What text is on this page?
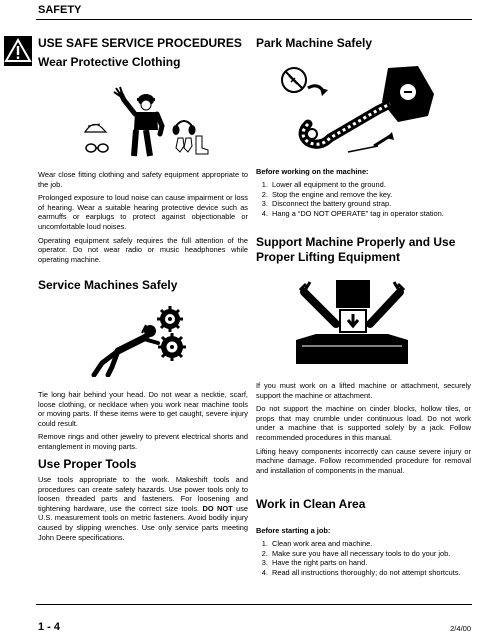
SAFETY
USE SAFE SERVICE PROCEDURES
Wear Protective Clothing

Wear close fitting clothing and safety equipment appropriate to the job.

Prolonged exposure to loud noise can cause impairment or loss of hearing. Wear a suitable hearing protective device such as earmuffs or earplugs to protect against objectionable or uncomfortable loud noises.

Operating equipment safely requires the full attention of the operator. Do not wear radio or music headphones while operating machine.

Service Machines Safely

Tie long hair behind your head. Do not wear a necktie, scarf, loose clothing, or necklace when you work near machine tools or moving parts. If these items were to get caught, severe injury could result.

Remove rings and other jewelry to prevent electrical shorts and entanglement in moving parts.

Use Proper Tools

Use tools appropriate to the work. Makeshift tools and procedures can create safety hazards. Use power tools only to loosen threaded parts and fasteners. For loosening and tightening hardware, use the correct size tools. DO NOT use U.S. measurement tools on metric fasteners. Avoid bodily injury caused by slipping wrenches. Use only service parts meeting John Deere specifications.

Park Machine Safely
Before working on the machine:
1. Lower all equipment to the ground.
2. Stop the engine and remove the key.
3. Disconnect the battery ground strap.
4. Hang a “DO NOT OPERATE” tag in operator station.
Support Machine Properly and Use Proper Lifting Equipment

If you must work on a lifted machine or attachment, securely support the machine or attachment.

Do not support the machine on cinder blocks, hollow tiles, or props that may crumble under continuous load. Do not work under a machine that is supported solely by a jack. Follow recommended procedures in this manual.

Lifting heavy components incorrectly can cause severe injury or machine damage. Follow recommended procedure for removal and installation of components in the manual.

Work in Clean Area
Before starting a job:
1. Clean work area and machine.
2. Make sure you have all necessary tools to do your job.
3. Have the right parts on hand.
4. Read all instructions thoroughly; do not attempt shortcuts.
1 - 4	2/4/00
